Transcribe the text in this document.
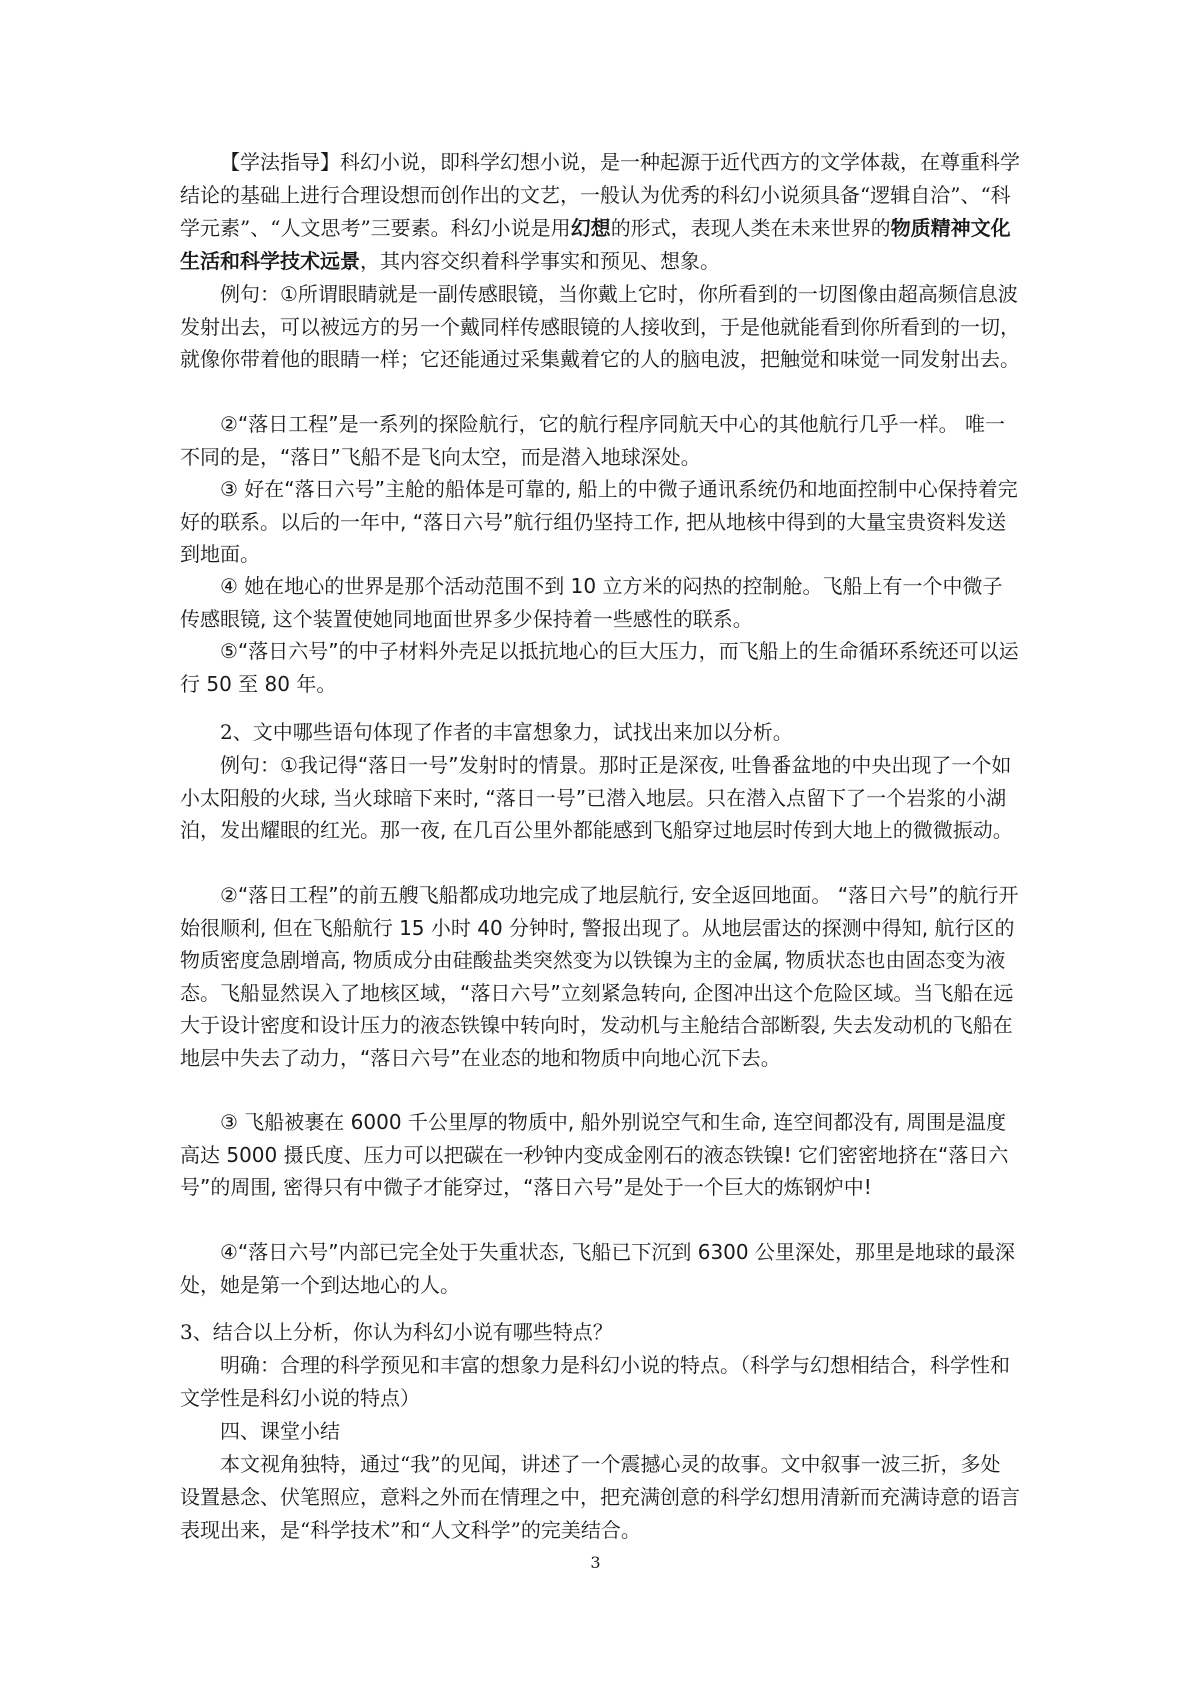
【学法指导】科幻小说，即科学幻想小说，是一种起源于近代西方的文学体裁，在尊重科学结论的基础上进行合理设想而创作出的文艺，一般认为优秀的科幻小说须具备“逻辑自洽”、“科学元素”、“人文思考”三要素。科幻小说是用幻想的形式，表现人类在未来世界的物质精神文化生活和科学技术远景，其内容交织着科学事实和预见、想象。

例句：①所谓眼睛就是一副传感眼镜，当你戴上它时，你所看到的一切图像由超高频信息波发射出去，可以被远方的另一个戴同样传感眼镜的人接收到，于是他就能看到你所看到的一切，就像你带着他的眼睛一样；它还能通过采集戴着它的人的脑电波，把触觉和味觉一同发射出去。

②“落日工程”是一系列的探险航行，它的航行程序同航天中心的其他航行几乎一样。 唯一不同的是，“落日”飞船不是飞向太空，而是潜入地球深处。

③ 好在“落日六号”主舱的船体是可靠的, 船上的中微子通讯系统仍和地面控制中心保持着完好的联系。以后的一年中, “落日六号”航行组仍坚持工作, 把从地核中得到的大量宝贵资料发送到地面。

④ 她在地心的世界是那个活动范围不到 10 立方米的闷热的控制舱。飞船上有一个中微子传感眼镜, 这个装置使她同地面世界多少保持着一些感性的联系。

⑤“落日六号”的中子材料外壳足以抵抗地心的巨大压力，而飞船上的生命循环系统还可以运行 50 至 80 年。

2、文中哪些语句体现了作者的丰富想象力，试找出来加以分析。

例句：①我记得“落日一号”发射时的情景。那时正是深夜, 吐鲁番盆地的中央出现了一个如小太阳般的火球, 当火球暗下来时, “落日一号”已潜入地层。只在潜入点留下了一个岩浆的小湖泊，发出耀眼的红光。那一夜, 在几百公里外都能感到飞船穿过地层时传到大地上的微微振动。

②“落日工程”的前五艘飞船都成功地完成了地层航行, 安全返回地面。 “落日六号”的航行开始很顺利, 但在飞船航行 15 小时 40 分钟时, 警报出现了。从地层雷达的探测中得知, 航行区的物质密度急剧增高, 物质成分由硅酸盐类突然变为以铁镍为主的金属, 物质状态也由固态变为液态。飞船显然误入了地核区域，“落日六号”立刻紧急转向, 企图冲出这个危险区域。当飞船在远大于设计密度和设计压力的液态铁镍中转向时，发动机与主舱结合部断裂, 失去发动机的飞船在地层中失去了动力，“落日六号”在业态的地和物质中向地心沉下去。

③ 飞船被裹在 6000 千公里厚的物质中, 船外别说空气和生命, 连空间都没有, 周围是温度高达 5000 摄氏度、压力可以把碳在一秒钟内变成金刚石的液态铁镍! 它们密密地挤在“落日六号”的周围, 密得只有中微子才能穿过，“落日六号”是处于一个巨大的炼钢炉中!

④“落日六号”内部已完全处于失重状态, 飞船已下沉到 6300 公里深处，那里是地球的最深处，她是第一个到达地心的人。

3、结合以上分析，你认为科幻小说有哪些特点？

明确：合理的科学预见和丰富的想象力是科幻小说的特点。（科学与幻想相结合，科学性和文学性是科幻小说的特点）

四、课堂小结

本文视角独特，通过“我”的见闻，讲述了一个震撼心灵的故事。文中叙事一波三折，多处设置悬念、伏笔照应，意料之外而在情理之中，把充满创意的科学幻想用清新而充满诗意的语言表现出来，是“科学技术”和“人文科学”的完美结合。

3
